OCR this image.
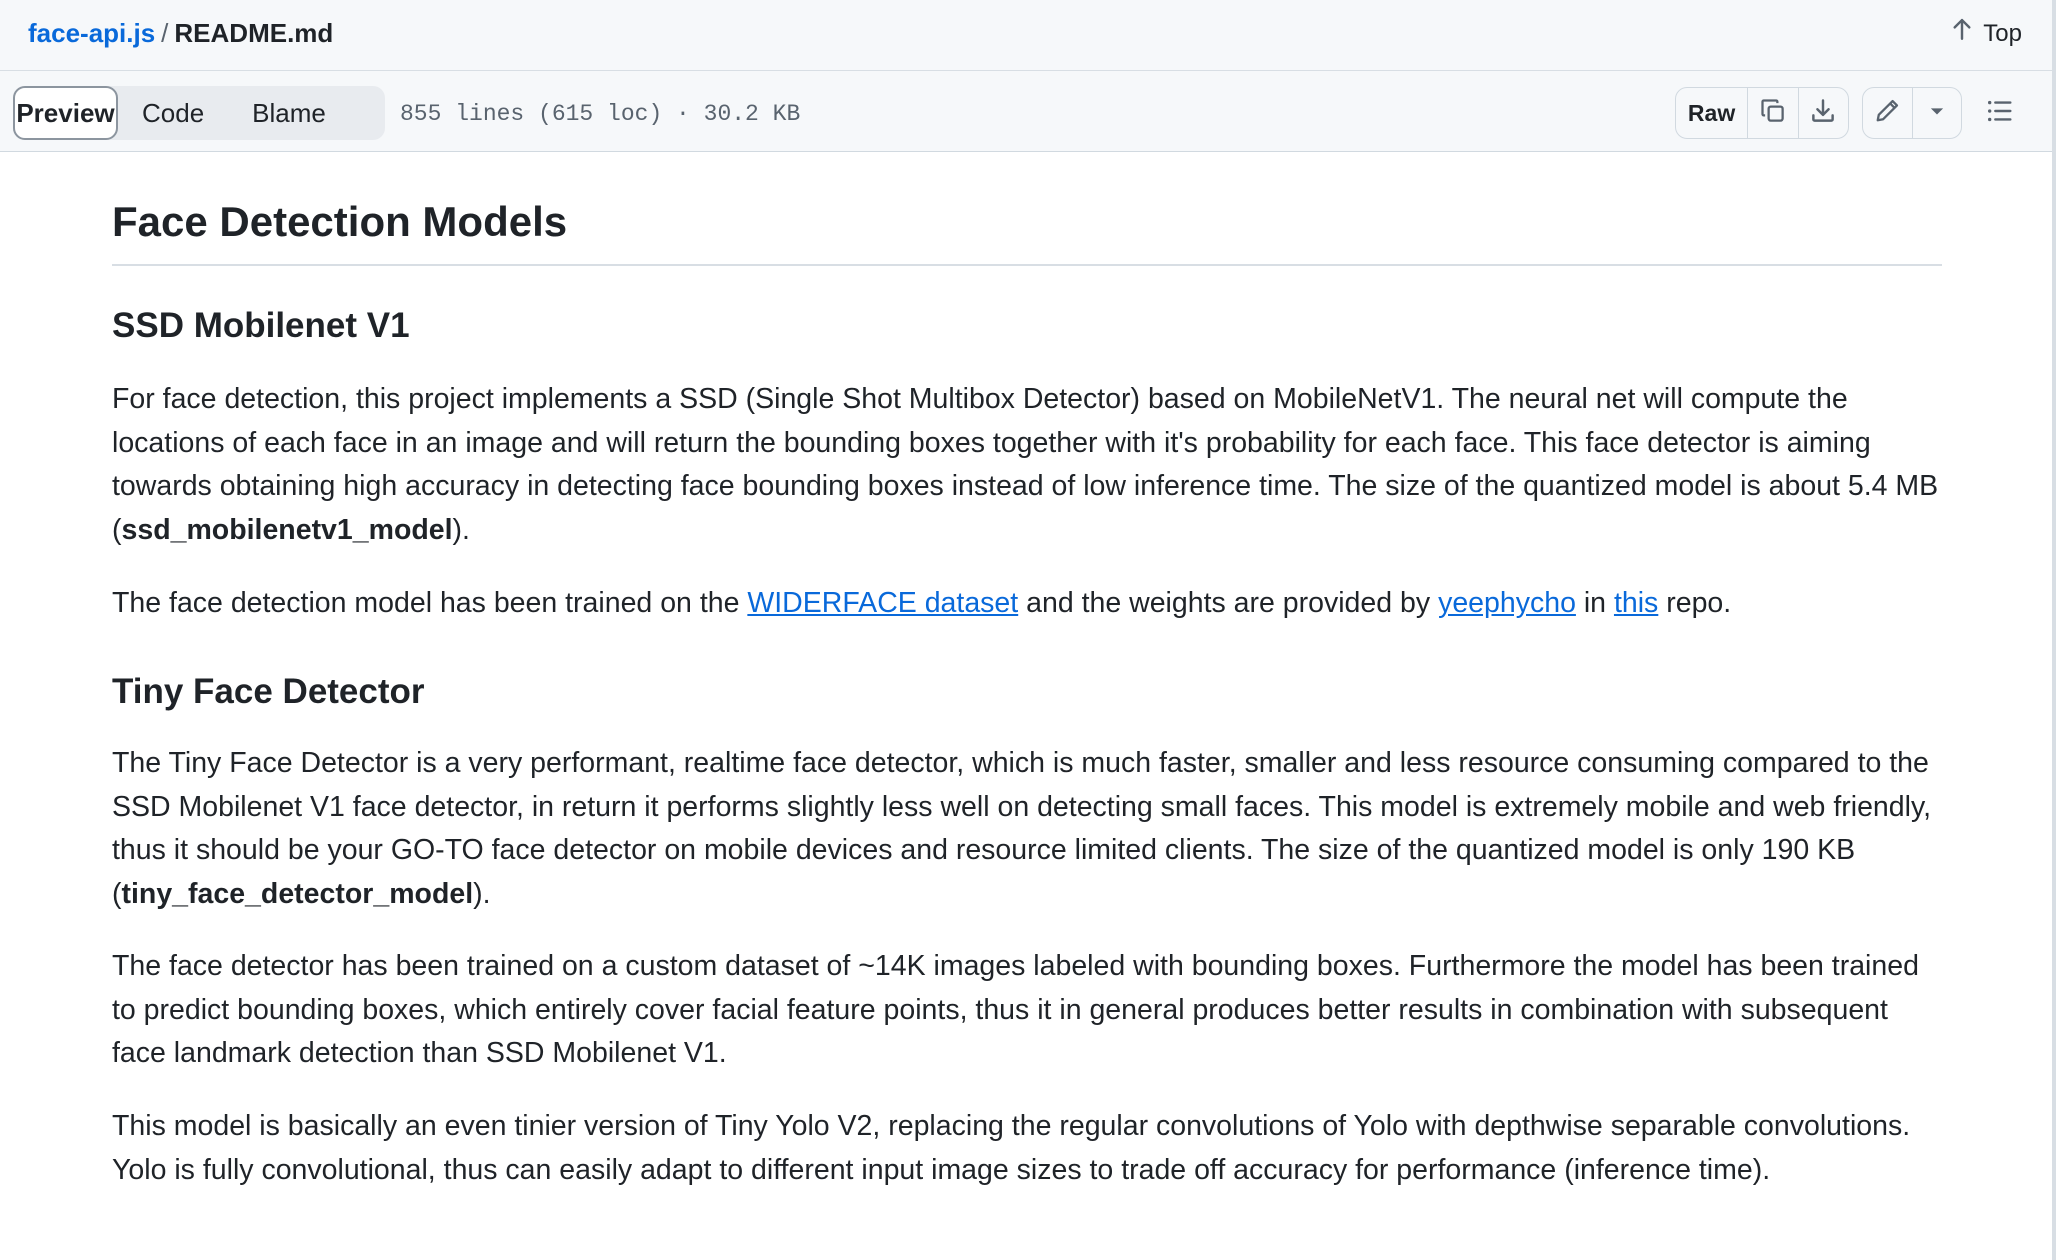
face-api.js / README.md	Top
Preview	Code	Blame	855 lines (615 loc) · 30.2 KB	Raw
Face Detection Models
SSD Mobilenet V1

For face detection, this project implements a SSD (Single Shot Multibox Detector) based on MobileNetV1. The neural net will compute the locations of each face in an image and will return the bounding boxes together with it's probability for each face. This face detector is aiming towards obtaining high accuracy in detecting face bounding boxes instead of low inference time. The size of the quantized model is about 5.4 MB (ssd_mobilenetv1_model).

The face detection model has been trained on the WIDERFACE dataset and the weights are provided by yeephycho in this repo.

Tiny Face Detector

The Tiny Face Detector is a very performant, realtime face detector, which is much faster, smaller and less resource consuming compared to the SSD Mobilenet V1 face detector, in return it performs slightly less well on detecting small faces. This model is extremely mobile and web friendly, thus it should be your GO-TO face detector on mobile devices and resource limited clients. The size of the quantized model is only 190 KB (tiny_face_detector_model).

The face detector has been trained on a custom dataset of ~14K images labeled with bounding boxes. Furthermore the model has been trained to predict bounding boxes, which entirely cover facial feature points, thus it in general produces better results in combination with subsequent face landmark detection than SSD Mobilenet V1.

This model is basically an even tinier version of Tiny Yolo V2, replacing the regular convolutions of Yolo with depthwise separable convolutions. Yolo is fully convolutional, thus can easily adapt to different input image sizes to trade off accuracy for performance (inference time).
